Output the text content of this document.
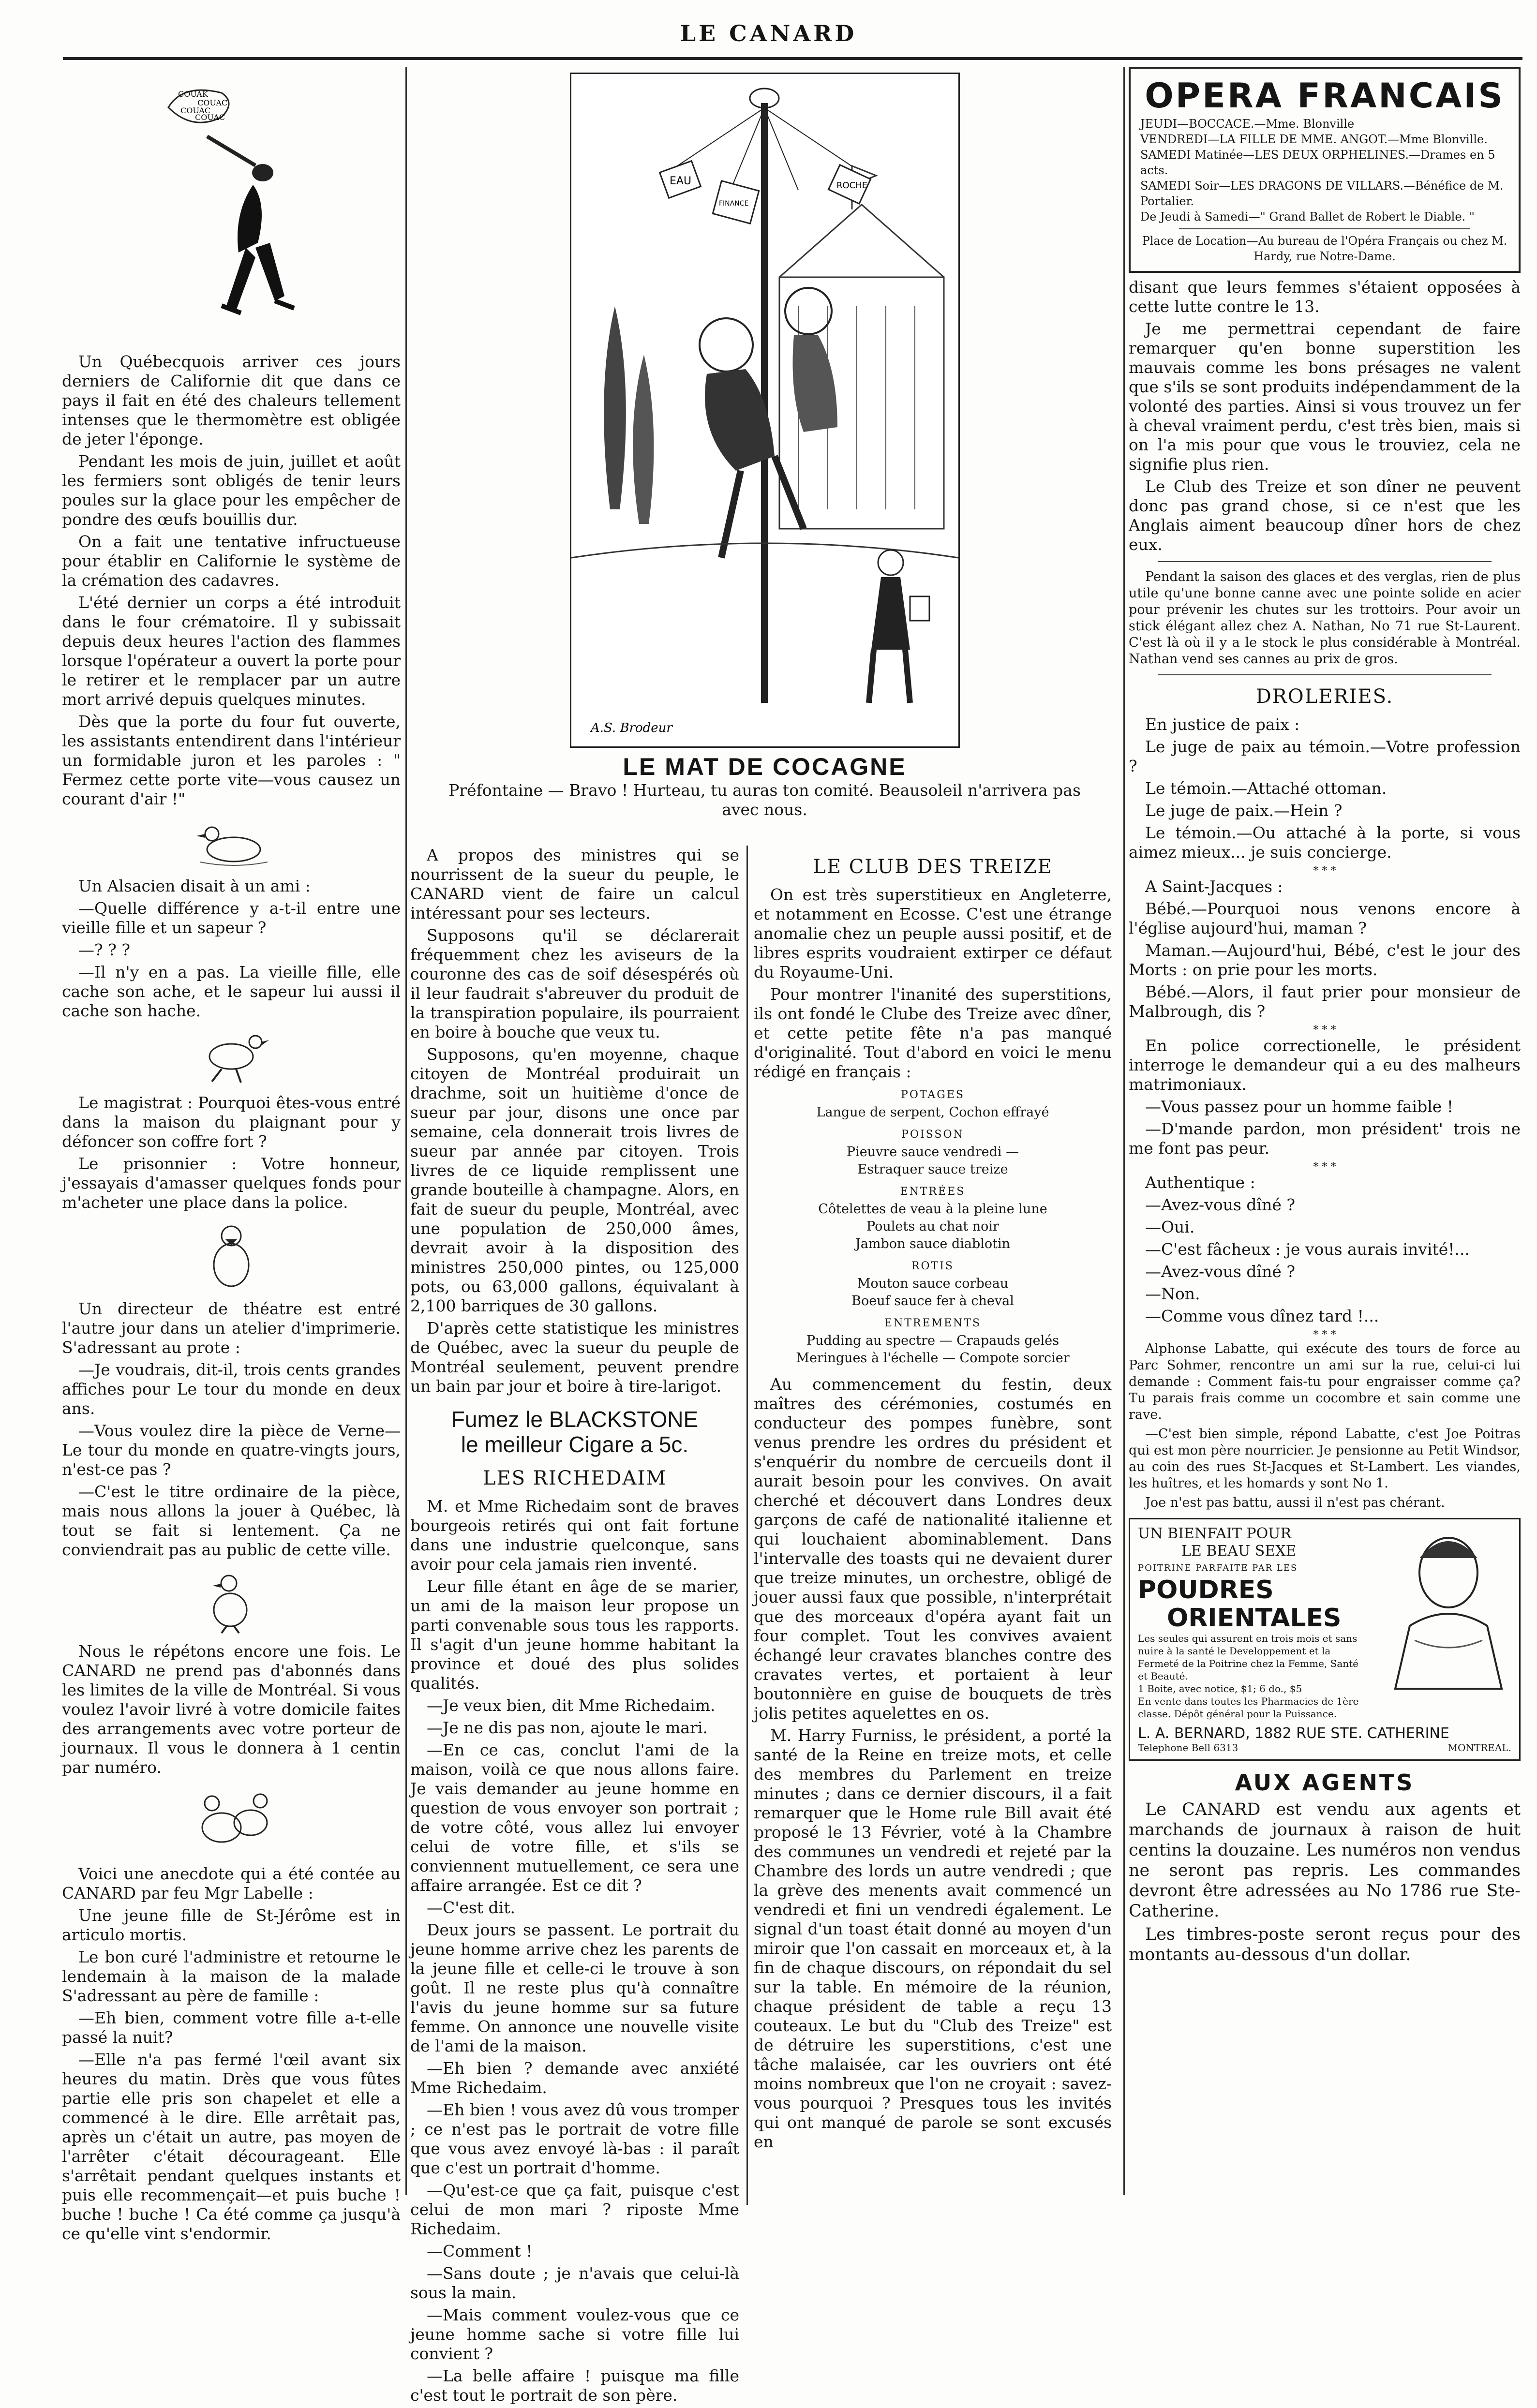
LE CANARD
COUAK
COUAC
COUAC
COUAC

Un Québecquois arriver ces jours derniers de Californie dit que dans ce pays il fait en été des chaleurs tellement intenses que le thermomètre est obligée de jeter l'éponge.

Pendant les mois de juin, juillet et août les fermiers sont obligés de tenir leurs poules sur la glace pour les empêcher de pondre des œufs bouillis dur.

On a fait une tentative infructueuse pour établir en Californie le système de la crémation des cadavres.

L'été dernier un corps a été introduit dans le four crématoire. Il y subissait depuis deux heures l'action des flammes lorsque l'opérateur a ouvert la porte pour le retirer et le remplacer par un autre mort arrivé depuis quelques minutes.

Dès que la porte du four fut ouverte, les assistants entendirent dans l'intérieur un formidable juron et les paroles : " Fermez cette porte vite—vous causez un courant d'air !"

Un Alsacien disait à un ami :

—Quelle différence y a-t-il entre une vieille fille et un sapeur ?

—? ? ?

—Il n'y en a pas. La vieille fille, elle cache son ache, et le sapeur lui aussi il cache son hache.

Le magistrat : Pourquoi êtes-vous entré dans la maison du plaignant pour y défoncer son coffre fort ?

Le prisonnier : Votre honneur, j'essayais d'amasser quelques fonds pour m'acheter une place dans la police.

Un directeur de théatre est entré l'autre jour dans un atelier d'imprimerie. S'adressant au prote :

—Je voudrais, dit-il, trois cents grandes affiches pour Le tour du monde en deux ans.

—Vous voulez dire la pièce de Verne—Le tour du monde en quatre-vingts jours, n'est-ce pas ?

—C'est le titre ordinaire de la pièce, mais nous allons la jouer à Québec, là tout se fait si lentement. Ça ne conviendrait pas au public de cette ville.

Nous le répétons encore une fois. Le CANARD ne prend pas d'abonnés dans les limites de la ville de Montréal. Si vous voulez l'avoir livré à votre domicile faites des arrangements avec votre porteur de journaux. Il vous le donnera à 1 centin par numéro.

Voici une anecdote qui a été contée au CANARD par feu Mgr Labelle :

Une jeune fille de St-Jérôme est in articulo mortis.

Le bon curé l'administre et retourne le lendemain à la maison de la malade S'adressant au père de famille :

—Eh bien, comment votre fille a-t-elle passé la nuit?

—Elle n'a pas fermé l'œil avant six heures du matin. Drès que vous fûtes partie elle pris son chapelet et elle a commencé à le dire. Elle arrêtait pas, après un c'était un autre, pas moyen de l'arrêter c'était décourageant. Elle s'arrêtait pendant quelques instants et puis elle recommençait—et puis buche ! buche ! buche ! Ca été comme ça jusqu'à ce qu'elle vint s'endormir.

EAU
FINANCE
ROCHE
A.S. Brodeur
LE MAT DE COCAGNE

Préfontaine — Bravo ! Hurteau, tu auras ton comité. Beausoleil n'arrivera pas avec nous.

A propos des ministres qui se nourrissent de la sueur du peuple, le CANARD vient de faire un calcul intéressant pour ses lecteurs.

Supposons qu'il se déclarerait fréquemment chez les aviseurs de la couronne des cas de soif désespérés où il leur faudrait s'abreuver du produit de la transpiration populaire, ils pourraient en boire à bouche que veux tu.

Supposons, qu'en moyenne, chaque citoyen de Montréal produirait un drachme, soit un huitième d'once de sueur par jour, disons une once par semaine, cela donnerait trois livres de sueur par année par citoyen. Trois livres de ce liquide remplissent une grande bouteille à champagne. Alors, en fait de sueur du peuple, Montréal, avec une population de 250,000 âmes, devrait avoir à la disposition des ministres 250,000 pintes, ou 125,000 pots, ou 63,000 gallons, équivalant à 2,100 barriques de 30 gallons.

D'après cette statistique les ministres de Québec, avec la sueur du peuple de Montréal seulement, peuvent prendre un bain par jour et boire à tire-larigot.

Fumez le BLACKSTONE
le meilleur Cigare a 5c.
LES RICHEDAIM

M. et Mme Richedaim sont de braves bourgeois retirés qui ont fait fortune dans une industrie quelconque, sans avoir pour cela jamais rien inventé.

Leur fille étant en âge de se marier, un ami de la maison leur propose un parti convenable sous tous les rapports. Il s'agit d'un jeune homme habitant la province et doué des plus solides qualités.

—Je veux bien, dit Mme Richedaim.

—Je ne dis pas non, ajoute le mari.

—En ce cas, conclut l'ami de la maison, voilà ce que nous allons faire. Je vais demander au jeune homme en question de vous envoyer son portrait ; de votre côté, vous allez lui envoyer celui de votre fille, et s'ils se conviennent mutuellement, ce sera une affaire arrangée. Est ce dit ?

—C'est dit.

Deux jours se passent. Le portrait du jeune homme arrive chez les parents de la jeune fille et celle-ci le trouve à son goût. Il ne reste plus qu'à connaître l'avis du jeune homme sur sa future femme. On annonce une nouvelle visite de l'ami de la maison.

—Eh bien ? demande avec anxiété Mme Richedaim.

—Eh bien ! vous avez dû vous tromper ; ce n'est pas le portrait de votre fille que vous avez envoyé là-bas : il paraît que c'est un portrait d'homme.

—Qu'est-ce que ça fait, puisque c'est celui de mon mari ? riposte Mme Richedaim.

—Comment !

—Sans doute ; je n'avais que celui-là sous la main.

—Mais comment voulez-vous que ce jeune homme sache si votre fille lui convient ?

—La belle affaire ! puisque ma fille c'est tout le portrait de son père.

LE CLUB DES TREIZE

On est très superstitieux en Angleterre, et notamment en Ecosse. C'est une étrange anomalie chez un peuple aussi positif, et de libres esprits voudraient extirper ce défaut du Royaume-Uni.

Pour montrer l'inanité des superstitions, ils ont fondé le Clube des Treize avec dîner, et cette petite fête n'a pas manqué d'originalité. Tout d'abord en voici le menu rédigé en français :

POTAGES
Langue de serpent, Cochon effrayé
POISSON
Pieuvre sauce vendredi —
Estraquer sauce treize
ENTRÉES
Côtelettes de veau à la pleine lune
Poulets au chat noir
Jambon sauce diablotin
ROTIS
Mouton sauce corbeau
Boeuf sauce fer à cheval
ENTREMENTS
Pudding au spectre — Crapauds gelés
Meringues à l'échelle — Compote sorcier

Au commencement du festin, deux maîtres des cérémonies, costumés en conducteur des pompes funèbre, sont venus prendre les ordres du président et s'enquérir du nombre de cercueils dont il aurait besoin pour les convives. On avait cherché et découvert dans Londres deux garçons de café de nationalité italienne et qui louchaient abominablement. Dans l'intervalle des toasts qui ne devaient durer que treize minutes, un orchestre, obligé de jouer aussi faux que possible, n'interprétait que des morceaux d'opéra ayant fait un four complet. Tout les convives avaient échangé leur cravates blanches contre des cravates vertes, et portaient à leur boutonnière en guise de bouquets de très jolis petites aquelettes en os.

M. Harry Furniss, le président, a porté la santé de la Reine en treize mots, et celle des membres du Parlement en treize minutes ; dans ce dernier discours, il a fait remarquer que le Home rule Bill avait été proposé le 13 Février, voté à la Chambre des communes un vendredi et rejeté par la Chambre des lords un autre vendredi ; que la grève des menents avait commencé un vendredi et fini un vendredi également. Le signal d'un toast était donné au moyen d'un miroir que l'on cassait en morceaux et, à la fin de chaque discours, on répondait du sel sur la table. En mémoire de la réunion, chaque président de table a reçu 13 couteaux. Le but du "Club des Treize" est de détruire les superstitions, c'est une tâche malaisée, car les ouvriers ont été moins nombreux que l'on ne croyait : savez-vous pourquoi ? Presques tous les invités qui ont manqué de parole se sont excusés en

OPERA FRANCAIS
JEUDI—BOCCACE.—Mme. Blonville
VENDREDI—LA FILLE DE MME. ANGOT.—Mme Blonville.
SAMEDI Matinée—LES DEUX ORPHELINES.—Drames en 5 acts.
SAMEDI Soir—LES DRAGONS DE VILLARS.—Bénéfice de M. Portalier.
De Jeudi à Samedi—" Grand Ballet de Robert le Diable. "
Place de Location—Au bureau de l'Opéra Français ou chez M. Hardy, rue Notre-Dame.

disant que leurs femmes s'étaient opposées à cette lutte contre le 13.

Je me permettrai cependant de faire remarquer qu'en bonne superstition les mauvais comme les bons présages ne valent que s'ils se sont produits indépendamment de la volonté des parties. Ainsi si vous trouvez un fer à cheval vraiment perdu, c'est très bien, mais si on l'a mis pour que vous le trouviez, cela ne signifie plus rien.

Le Club des Treize et son dîner ne peuvent donc pas grand chose, si ce n'est que les Anglais aiment beaucoup dîner hors de chez eux.

Pendant la saison des glaces et des verglas, rien de plus utile qu'une bonne canne avec une pointe solide en acier pour prévenir les chutes sur les trottoirs. Pour avoir un stick élégant allez chez A. Nathan, No 71 rue St-Laurent. C'est là où il y a le stock le plus considérable à Montréal. Nathan vend ses cannes au prix de gros.

DROLERIES.

En justice de paix :

Le juge de paix au témoin.—Votre profession ?

Le témoin.—Attaché ottoman.

Le juge de paix.—Hein ?

Le témoin.—Ou attaché à la porte, si vous aimez mieux... je suis concierge.

* * *

A Saint-Jacques :

Bébé.—Pourquoi nous venons encore à l'église aujourd'hui, maman ?

Maman.—Aujourd'hui, Bébé, c'est le jour des Morts : on prie pour les morts.

Bébé.—Alors, il faut prier pour monsieur de Malbrough, dis ?

* * *

En police correctionelle, le président interroge le demandeur qui a eu des malheurs matrimoniaux.

—Vous passez pour un homme faible !

—D'mande pardon, mon président' trois ne me font pas peur.

* * *

Authentique :

—Avez-vous dîné ?

—Oui.

—C'est fâcheux : je vous aurais invité!...

—Avez-vous dîné ?

—Non.

—Comme vous dînez tard !...

* * *

Alphonse Labatte, qui exécute des tours de force au Parc Sohmer, rencontre un ami sur la rue, celui-ci lui demande : Comment fais-tu pour engraisser comme ça? Tu parais frais comme un cocombre et sain comme une rave.

—C'est bien simple, répond Labatte, c'est Joe Poitras qui est mon père nourricier. Je pensionne au Petit Windsor, au coin des rues St-Jacques et St-Lambert. Les viandes, les huîtres, et les homards y sont No 1.

Joe n'est pas battu, aussi il n'est pas chérant.

UN BIENFAIT POUR
LE BEAU SEXE
POITRINE PARFAITE PAR LES
POUDRES
ORIENTALES
Les seules qui assurent en trois mois et sans nuire à la santé le Developpement et la Fermeté de la Poitrine chez la Femme, Santé et Beauté.
1 Boite, avec notice, $1; 6 do., $5
En vente dans toutes les Pharmacies de 1ère classe. Dépôt général pour la Puissance.
L. A. BERNARD, 1882 RUE STE. CATHERINE
Telephone Bell 6313	MONTREAL.
AUX AGENTS

Le CANARD est vendu aux agents et marchands de journaux à raison de huit centins la douzaine. Les numéros non vendus ne seront pas repris. Les commandes devront être adressées au No 1786 rue Ste-Catherine.

Les timbres-poste seront reçus pour des montants au-dessous d'un dollar.
